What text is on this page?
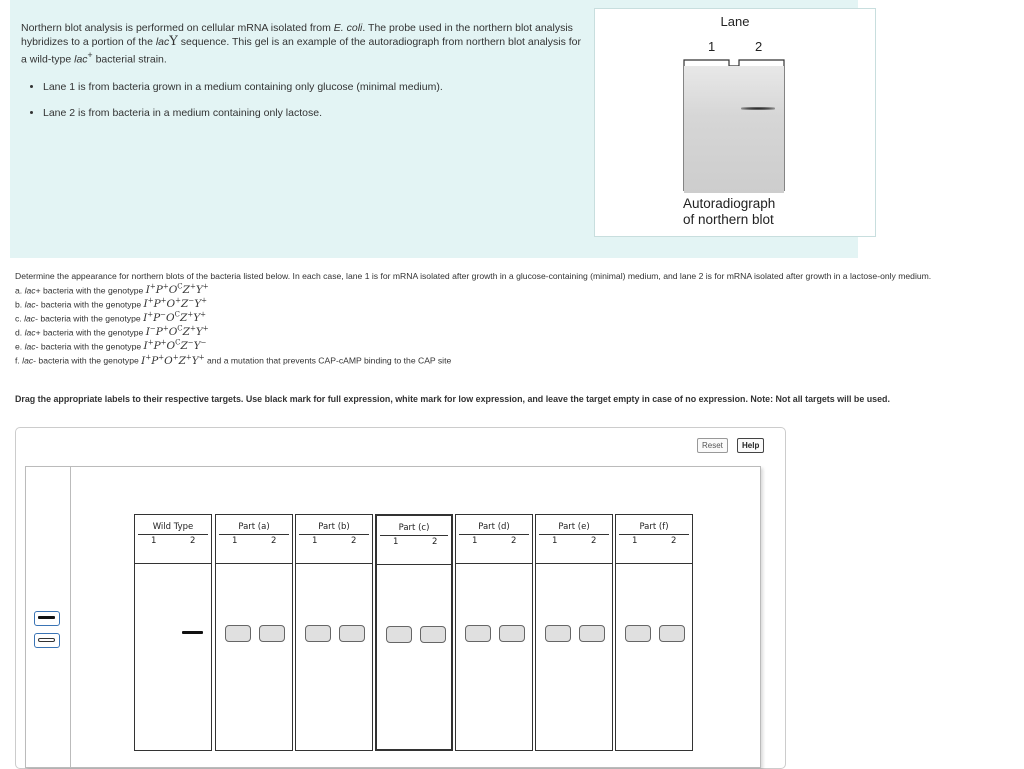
Northern blot analysis is performed on cellular mRNA isolated from E. coli. The probe used in the northern blot analysis hybridizes to a portion of the lacY sequence. This gel is an example of the autoradiograph from northern blot analysis for a wild-type lac+ bacterial strain.
• Lane 1 is from bacteria grown in a medium containing only glucose (minimal medium).
• Lane 2 is from bacteria in a medium containing only lactose.
Lane
1	2
Autoradiograph
of northern blot

Determine the appearance for northern blots of the bacteria listed below. In each case, lane 1 is for mRNA isolated after growth in a glucose-containing (minimal) medium, and lane 2 is for mRNA isolated after growth in a lactose-only medium.

a. lac+ bacteria with the genotype $I^+P^+O^CZ^+Y^+$

b. lac- bacteria with the genotype I+P+O+Z−Y+

c. lac- bacteria with the genotype $I^+P^-O^CZ^+Y^+$

d. lac+ bacteria with the genotype $I^-P^+O^CZ^+Y^+$

e. lac- bacteria with the genotype $I^+P^+O^CZ^-Y^-$

f. lac- bacteria with the genotype I+P+O+Z+Y+ and a mutation that prevents CAP-cAMP binding to the CAP site

Drag the appropriate labels to their respective targets. Use black mark for full expression, white mark for low expression, and leave the target empty in case of no expression. Note: Not all targets will be used.
Reset	Help
Wild Type
1	2
Part (a)
1	2
Part (b)
1	2
Part (c)
1	2
Part (d)
1	2
Part (e)
1	2
Part (f)
1	2
